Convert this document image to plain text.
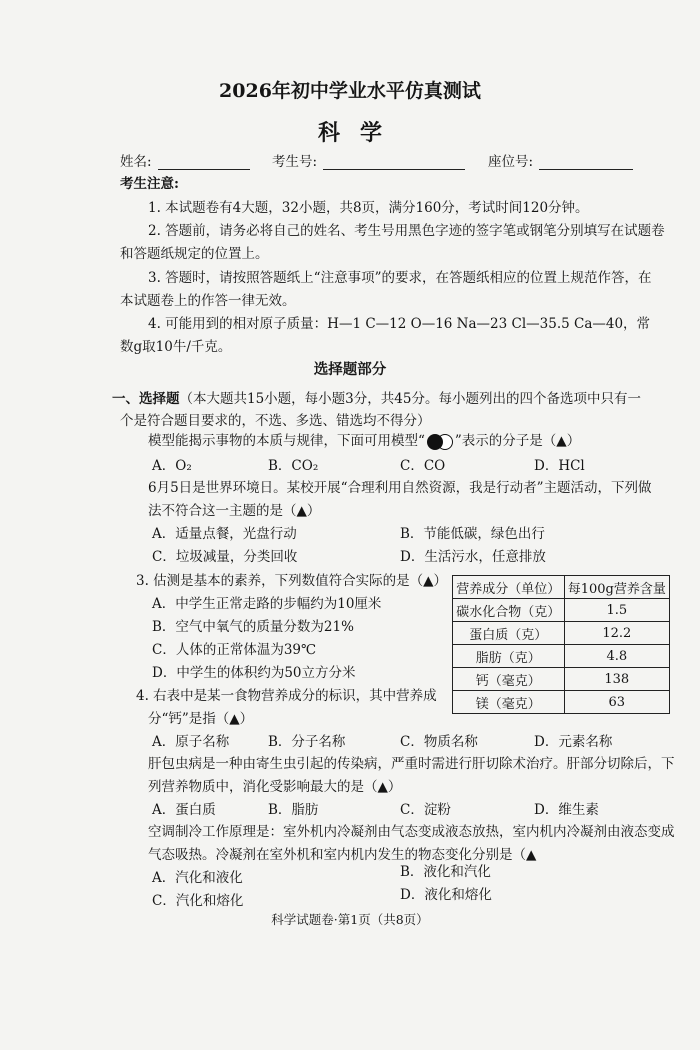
2026年初中学业水平仿真测试
科学
姓名:	考生号:	座位号:
考生注意:
1. 本试题卷有4大题，32小题，共8页，满分160分，考试时间120分钟。
2. 答题前，请务必将自己的姓名、考生号用黑色字迹的签字笔或钢笔分别填写在试题卷
和答题纸规定的位置上。
3. 答题时，请按照答题纸上“注意事项”的要求，在答题纸相应的位置上规范作答，在
本试题卷上的作答一律无效。
4. 可能用到的相对原子质量：H—1 C—12 O—16 Na—23 Cl—35.5 Ca—40，常
数g取10牛/千克。
选择题部分
一、选择题（本大题共15小题，每小题3分，共45分。每小题列出的四个备选项中只有一
个是符合题目要求的，不选、多选、错选均不得分）
模型能揭示事物的本质与规律，下面可用模型“ ”表示的分子是（▲）
A．O₂	B．CO₂	C．CO	D．HCl
6月5日是世界环境日。某校开展“合理利用自然资源，我是行动者”主题活动，下列做
法不符合这一主题的是（▲）
A．适量点餐，光盘行动	B．节能低碳，绿色出行
C．垃圾减量，分类回收	D．生活污水，任意排放
3. 估测是基本的素养，下列数值符合实际的是（▲）
A．中学生正常走路的步幅约为10厘米
B．空气中氧气的质量分数为21%
C．人体的正常体温为39℃
D．中学生的体积约为50立方分米
营养成分（单位）	每100g营养含量
碳水化合物（克）	1.5
蛋白质（克）	12.2
脂肪（克）	4.8
钙（毫克）	138
镁（毫克）	63
4. 右表中是某一食物营养成分的标识，其中营养成
分“钙”是指（▲）
A．原子名称	B．分子名称	C．物质名称	D．元素名称
肝包虫病是一种由寄生虫引起的传染病，严重时需进行肝切除术治疗。肝部分切除后，下
列营养物质中，消化受影响最大的是（▲）
A．蛋白质	B．脂肪	C．淀粉	D．维生素
空调制冷工作原理是：室外机内冷凝剂由气态变成液态放热，室内机内冷凝剂由液态变成
气态吸热。冷凝剂在室外机和室内机内发生的物态变化分别是（▲
A．汽化和液化	B．液化和汽化
C．汽化和熔化	D．液化和熔化
科学试题卷·第1页（共8页）
